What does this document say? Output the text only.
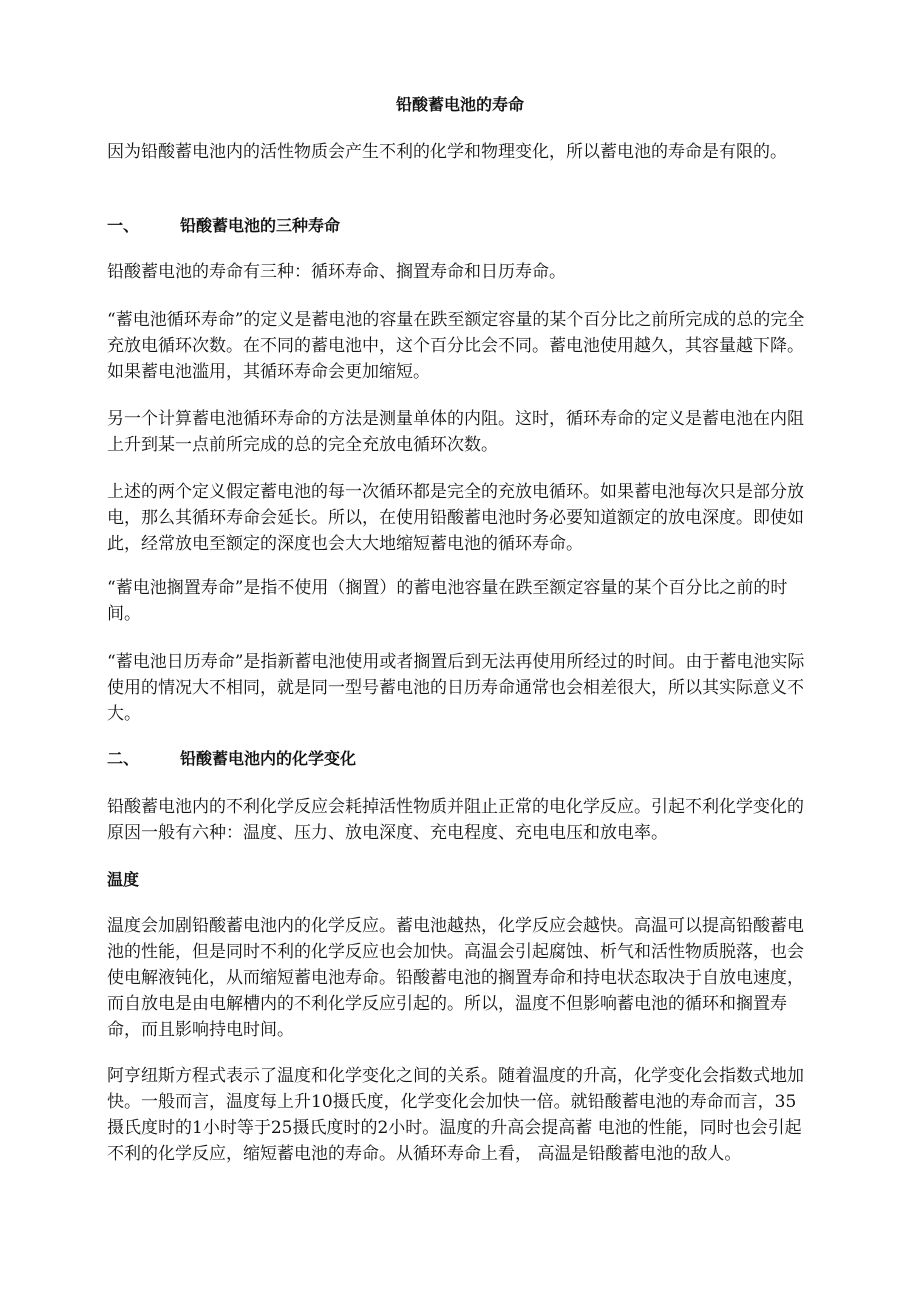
铅酸蓄电池的寿命

因为铅酸蓄电池内的活性物质会产生不利的化学和物理变化，所以蓄电池的寿命是有限的。

一、	铅酸蓄电池的三种寿命

铅酸蓄电池的寿命有三种：循环寿命、搁置寿命和日历寿命。

“蓄电池循环寿命”的定义是蓄电池的容量在跌至额定容量的某个百分比之前所完成的总的完全充放电循环次数。在不同的蓄电池中，这个百分比会不同。蓄电池使用越久，其容量越下降。如果蓄电池滥用，其循环寿命会更加缩短。

另一个计算蓄电池循环寿命的方法是测量单体的内阻。这时，循环寿命的定义是蓄电池在内阻上升到某一点前所完成的总的完全充放电循环次数。

上述的两个定义假定蓄电池的每一次循环都是完全的充放电循环。如果蓄电池每次只是部分放电，那么其循环寿命会延长。所以，在使用铅酸蓄电池时务必要知道额定的放电深度。即使如此，经常放电至额定的深度也会大大地缩短蓄电池的循环寿命。

“蓄电池搁置寿命”是指不使用（搁置）的蓄电池容量在跌至额定容量的某个百分比之前的时间。

“蓄电池日历寿命”是指新蓄电池使用或者搁置后到无法再使用所经过的时间。由于蓄电池实际使用的情况大不相同，就是同一型号蓄电池的日历寿命通常也会相差很大，所以其实际意义不大。

二、	铅酸蓄电池内的化学变化

铅酸蓄电池内的不利化学反应会耗掉活性物质并阻止正常的电化学反应。引起不利化学变化的原因一般有六种：温度、压力、放电深度、充电程度、充电电压和放电率。

温度

温度会加剧铅酸蓄电池内的化学反应。蓄电池越热，化学反应会越快。高温可以提高铅酸蓄电池的性能，但是同时不利的化学反应也会加快。高温会引起腐蚀、析气和活性物质脱落，也会使电解液钝化，从而缩短蓄电池寿命。铅酸蓄电池的搁置寿命和持电状态取决于自放电速度，而自放电是由电解槽内的不利化学反应引起的。所以，温度不但影响蓄电池的循环和搁置寿命，而且影响持电时间。

阿亨纽斯方程式表示了温度和化学变化之间的关系。随着温度的升高，化学变化会指数式地加快。一般而言，温度每上升10摄氏度，化学变化会加快一倍。就铅酸蓄电池的寿命而言，35摄氏度时的1小时等于25摄氏度时的2小时。温度的升高会提高蓄 电池的性能，同时也会引起不利的化学反应，缩短蓄电池的寿命。从循环寿命上看， 高温是铅酸蓄电池的敌人。
